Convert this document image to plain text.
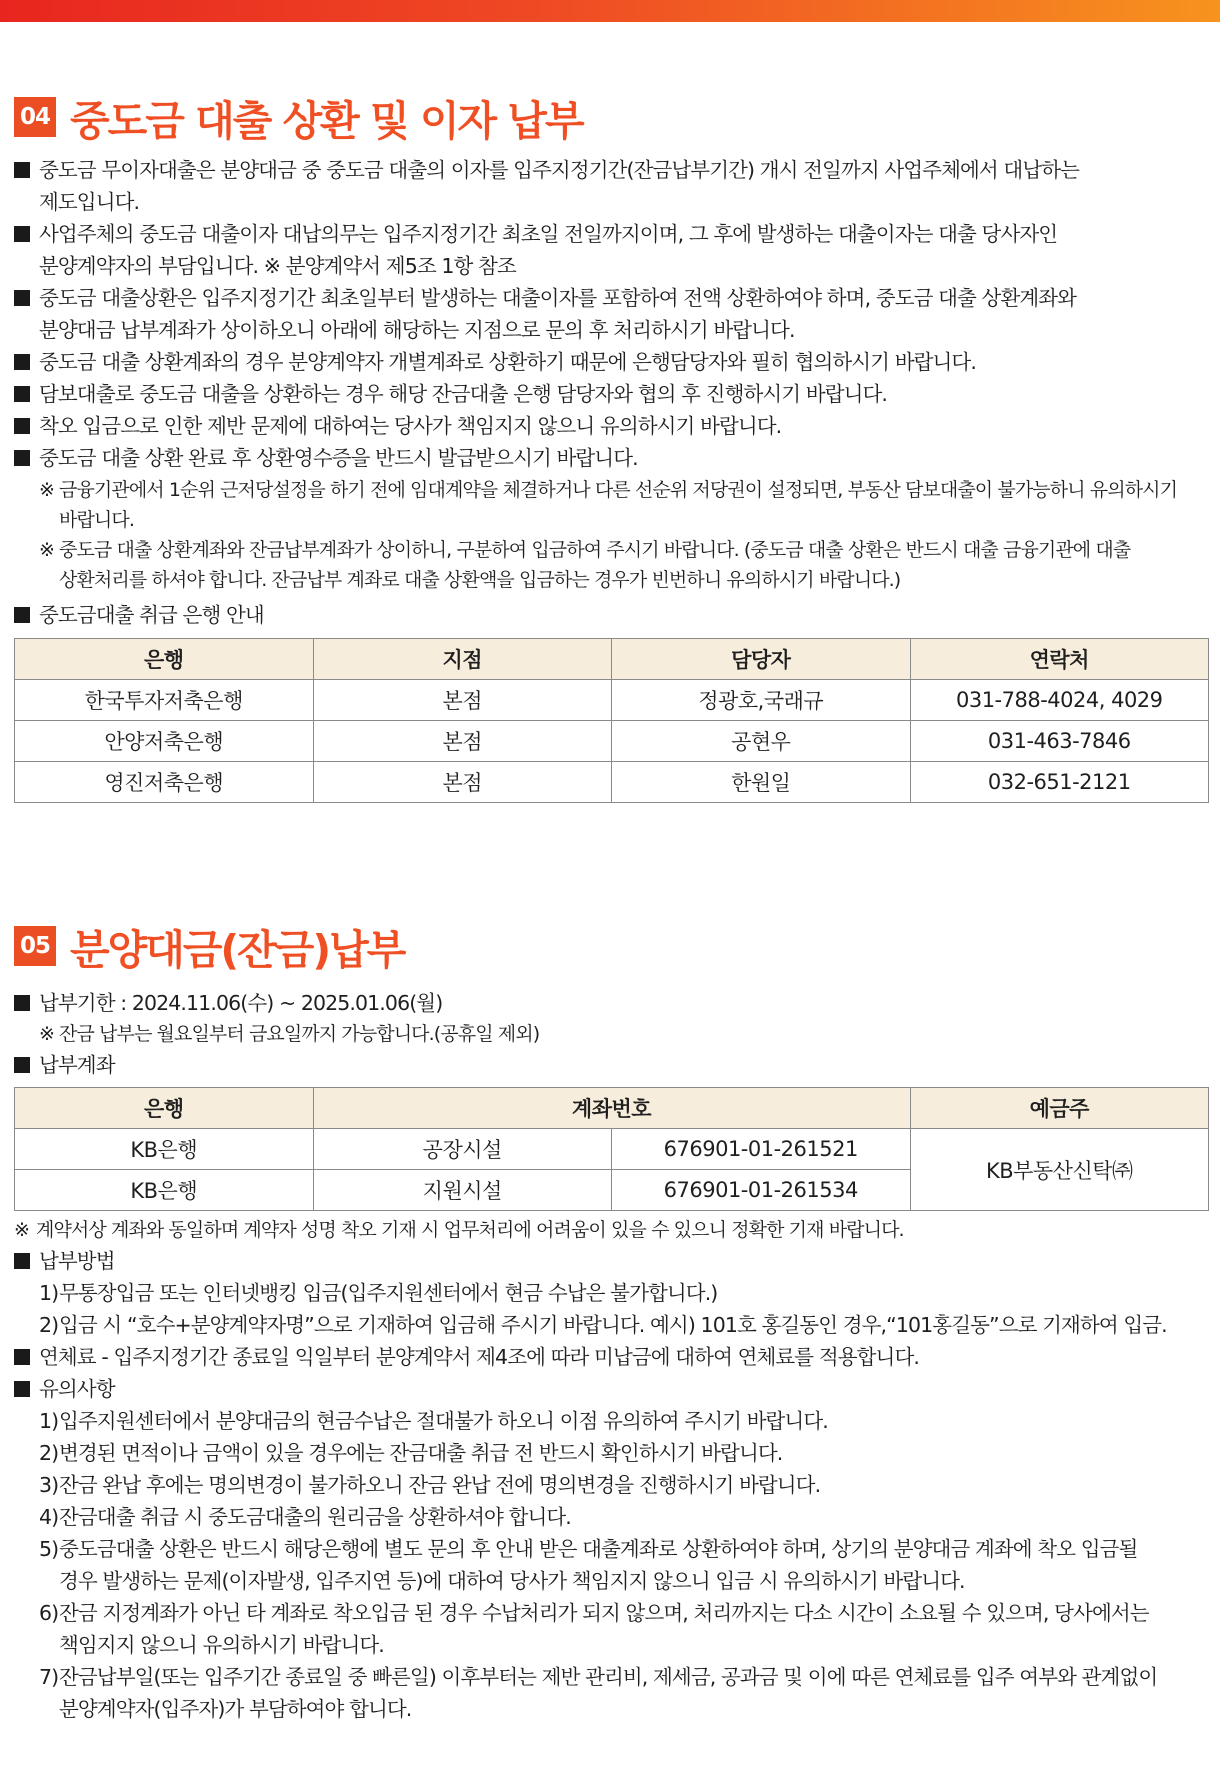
04 중도금 대출 상환 및 이자 납부
중도금 무이자대출은 분양대금 중 중도금 대출의 이자를 입주지정기간(잔금납부기간) 개시 전일까지 사업주체에서 대납하는
제도입니다.
사업주체의 중도금 대출이자 대납의무는 입주지정기간 최초일 전일까지이며, 그 후에 발생하는 대출이자는 대출 당사자인
분양계약자의 부담입니다. ※ 분양계약서 제5조 1항 참조
중도금 대출상환은 입주지정기간 최초일부터 발생하는 대출이자를 포함하여 전액 상환하여야 하며, 중도금 대출 상환계좌와
분양대금 납부계좌가 상이하오니 아래에 해당하는 지점으로 문의 후 처리하시기 바랍니다.
중도금 대출 상환계좌의 경우 분양계약자 개별계좌로 상환하기 때문에 은행담당자와 필히 협의하시기 바랍니다.
담보대출로 중도금 대출을 상환하는 경우 해당 잔금대출 은행 담당자와 협의 후 진행하시기 바랍니다.
착오 입금으로 인한 제반 문제에 대하여는 당사가 책임지지 않으니 유의하시기 바랍니다.
중도금 대출 상환 완료 후 상환영수증을 반드시 발급받으시기 바랍니다.
※ 금융기관에서 1순위 근저당설정을 하기 전에 임대계약을 체결하거나 다른 선순위 저당권이 설정되면, 부동산 담보대출이 불가능하니 유의하시기
바랍니다.
※ 중도금 대출 상환계좌와 잔금납부계좌가 상이하니, 구분하여 입금하여 주시기 바랍니다. (중도금 대출 상환은 반드시 대출 금융기관에 대출
상환처리를 하셔야 합니다. 잔금납부 계좌로 대출 상환액을 입금하는 경우가 빈번하니 유의하시기 바랍니다.)
중도금대출 취급 은행 안내
은행	지점	담당자	연락처
한국투자저축은행	본점	정광호,국래규	031-788-4024, 4029
안양저축은행	본점	공현우	031-463-7846
영진저축은행	본점	한원일	032-651-2121
05 분양대금(잔금)납부
납부기한 : 2024.11.06(수) ~ 2025.01.06(월)
※ 잔금 납부는 월요일부터 금요일까지 가능합니다.(공휴일 제외)
납부계좌
은행	계좌번호		예금주
KB은행	공장시설	676901-01-261521	KB부동산신탁㈜
KB은행	지원시설	676901-01-261534	
※ 계약서상 계좌와 동일하며 계약자 성명 착오 기재 시 업무처리에 어려움이 있을 수 있으니 정확한 기재 바랍니다.
납부방법
1) 무통장입금 또는 인터넷뱅킹 입금(입주지원센터에서 현금 수납은 불가합니다.)
2) 입금 시 “호수+분양계약자명”으로 기재하여 입금해 주시기 바랍니다. 예시) 101호 홍길동인 경우,“101홍길동”으로 기재하여 입금.
연체료 - 입주지정기간 종료일 익일부터 분양계약서 제4조에 따라 미납금에 대하여 연체료를 적용합니다.
유의사항
1) 입주지원센터에서 분양대금의 현금수납은 절대불가 하오니 이점 유의하여 주시기 바랍니다.
2) 변경된 면적이나 금액이 있을 경우에는 잔금대출 취급 전 반드시 확인하시기 바랍니다.
3) 잔금 완납 후에는 명의변경이 불가하오니 잔금 완납 전에 명의변경을 진행하시기 바랍니다.
4) 잔금대출 취급 시 중도금대출의 원리금을 상환하셔야 합니다.
5) 중도금대출 상환은 반드시 해당은행에 별도 문의 후 안내 받은 대출계좌로 상환하여야 하며, 상기의 분양대금 계좌에 착오 입금될
경우 발생하는 문제(이자발생, 입주지연 등)에 대하여 당사가 책임지지 않으니 입금 시 유의하시기 바랍니다.
6) 잔금 지정계좌가 아닌 타 계좌로 착오입금 된 경우 수납처리가 되지 않으며, 처리까지는 다소 시간이 소요될 수 있으며, 당사에서는
책임지지 않으니 유의하시기 바랍니다.
7) 잔금납부일(또는 입주기간 종료일 중 빠른일) 이후부터는 제반 관리비, 제세금, 공과금 및 이에 따른 연체료를 입주 여부와 관계없이
분양계약자(입주자)가 부담하여야 합니다.
